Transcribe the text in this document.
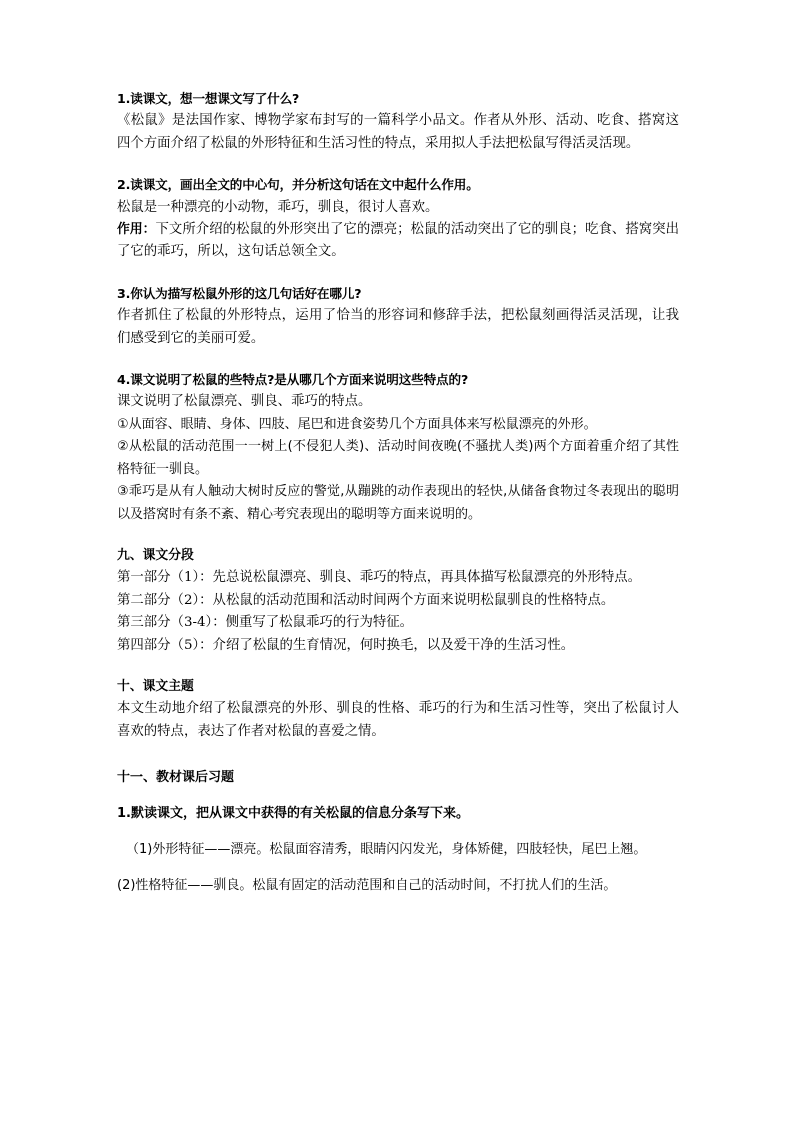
1.读课文，想一想课文写了什么?
《松鼠》是法国作家、博物学家布封写的一篇科学小品文。作者从外形、活动、吃食、搭窝这四个方面介绍了松鼠的外形特征和生活习性的特点，采用拟人手法把松鼠写得活灵活现。
2.读课文，画出全文的中心句，并分析这句话在文中起什么作用。
松鼠是一种漂亮的小动物，乖巧，驯良，很讨人喜欢。
作用：下文所介绍的松鼠的外形突出了它的漂亮；松鼠的活动突出了它的驯良；吃食、搭窝突出了它的乖巧，所以，这句话总领全文。
3.你认为描写松鼠外形的这几句话好在哪儿?
作者抓住了松鼠的外形特点，运用了恰当的形容词和修辞手法，把松鼠刻画得活灵活现，让我们感受到它的美丽可爱。
4.课文说明了松鼠的些特点?是从哪几个方面来说明这些特点的?
课文说明了松鼠漂亮、驯良、乖巧的特点。
①从面容、眼睛、身体、四肢、尾巴和进食姿势几个方面具体来写松鼠漂亮的外形。
②从松鼠的活动范围一一树上(不侵犯人类)、活动时间夜晚(不骚扰人类)两个方面着重介绍了其性格特征一驯良。
③乖巧是从有人触动大树时反应的警觉,从蹦跳的动作表现出的轻快,从储备食物过冬表现出的聪明以及搭窝时有条不紊、精心考究表现出的聪明等方面来说明的。
九、课文分段
第一部分（1）：先总说松鼠漂亮、驯良、乖巧的特点，再具体描写松鼠漂亮的外形特点。
第二部分（2）：从松鼠的活动范围和活动时间两个方面来说明松鼠驯良的性格特点。
第三部分（3-4）：侧重写了松鼠乖巧的行为特征。
第四部分（5）：介绍了松鼠的生育情况，何时换毛，以及爱干净的生活习性。
十、课文主题
本文生动地介绍了松鼠漂亮的外形、驯良的性格、乖巧的行为和生活习性等，突出了松鼠讨人喜欢的特点，表达了作者对松鼠的喜爱之情。
十一、教材课后习题
1.默读课文，把从课文中获得的有关松鼠的信息分条写下来。
（1)外形特征——漂亮。松鼠面容清秀，眼睛闪闪发光，身体矫健，四肢轻快，尾巴上翘。
(2)性格特征——驯良。松鼠有固定的活动范围和自己的活动时间，不打扰人们的生活。
